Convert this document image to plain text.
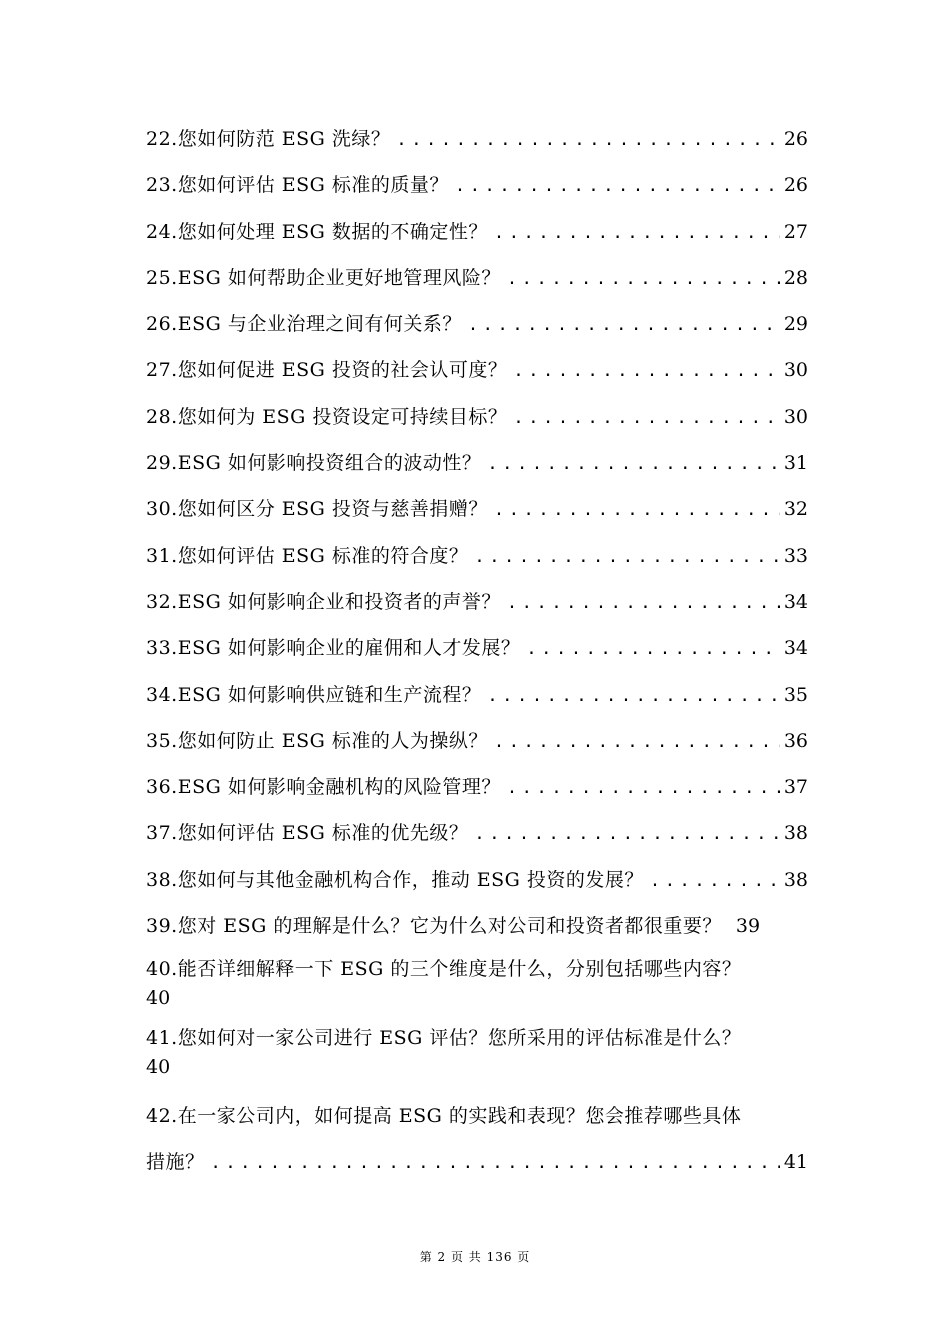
22.您如何防范 ESG 洗绿？ .....	26
23.您如何评估 ESG 标准的质量？ .....	26
24.您如何处理 ESG 数据的不确定性？ .....	27
25.ESG 如何帮助企业更好地管理风险？ .....	28
26.ESG 与企业治理之间有何关系？ .....	29
27.您如何促进 ESG 投资的社会认可度？ .....	30
28.您如何为 ESG 投资设定可持续目标？ .....	30
29.ESG 如何影响投资组合的波动性？ .....	31
30.您如何区分 ESG 投资与慈善捐赠？ .....	32
31.您如何评估 ESG 标准的符合度？ .....	33
32.ESG 如何影响企业和投资者的声誉？ .....	34
33.ESG 如何影响企业的雇佣和人才发展？ .....	34
34.ESG 如何影响供应链和生产流程？ .....	35
35.您如何防止 ESG 标准的人为操纵？ .....	36
36.ESG 如何影响金融机构的风险管理？ .....	37
37.您如何评估 ESG 标准的优先级？ .....	38
38.您如何与其他金融机构合作，推动 ESG 投资的发展？ .....	38
39.您对 ESG 的理解是什么？它为什么对公司和投资者都很重要？ 39
40.能否详细解释一下 ESG 的三个维度是什么，分别包括哪些内容？
40
41.您如何对一家公司进行 ESG 评估？您所采用的评估标准是什么？
40
42.在一家公司内，如何提高 ESG 的实践和表现？您会推荐哪些具体
措施？ .....	41
第 2 页 共 136 页
